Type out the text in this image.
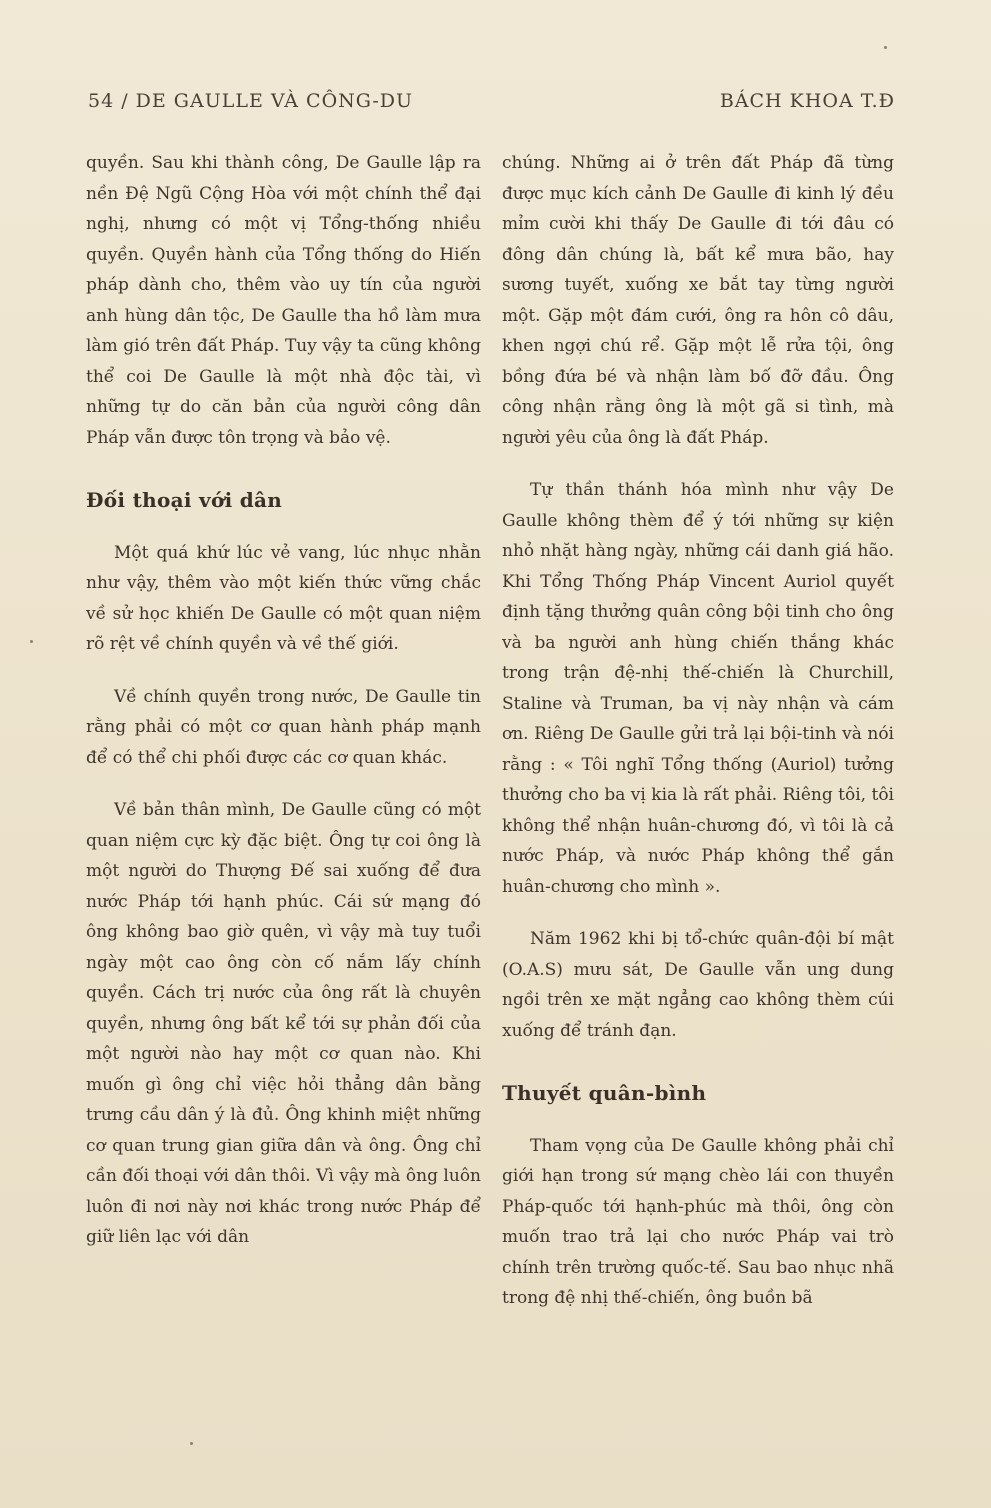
54 / DE GAULLE VÀ CÔNG-DU	BÁCH KHOA T.Đ

quyền. Sau khi thành công, De Gaulle lập ra nền Đệ Ngũ Cộng Hòa với một chính thể đại nghị, nhưng có một vị Tổng-thống nhiều quyền. Quyền hành của Tổng thống do Hiến pháp dành cho, thêm vào uy tín của người anh hùng dân tộc, De Gaulle tha hồ làm mưa làm gió trên đất Pháp. Tuy vậy ta cũng không thể coi De Gaulle là một nhà độc tài, vì những tự do căn bản của người công dân Pháp vẫn được tôn trọng và bảo vệ.

Đối thoại với dân

Một quá khứ lúc vẻ vang, lúc nhục nhằn như vậy, thêm vào một kiến thức vững chắc về sử học khiến De Gaulle có một quan niệm rõ rệt về chính quyền và về thế giới.

Về chính quyền trong nước, De Gaulle tin rằng phải có một cơ quan hành pháp mạnh để có thể chi phối được các cơ quan khác.

Về bản thân mình, De Gaulle cũng có một quan niệm cực kỳ đặc biệt. Ông tự coi ông là một người do Thượng Đế sai xuống để đưa nước Pháp tới hạnh phúc. Cái sứ mạng đó ông không bao giờ quên, vì vậy mà tuy tuổi ngày một cao ông còn cố nắm lấy chính quyền. Cách trị nước của ông rất là chuyên quyền, nhưng ông bất kể tới sự phản đối của một người nào hay một cơ quan nào. Khi muốn gì ông chỉ việc hỏi thẳng dân bằng trưng cầu dân ý là đủ. Ông khinh miệt những cơ quan trung gian giữa dân và ông. Ông chỉ cần đối thoại với dân thôi. Vì vậy mà ông luôn luôn đi nơi này nơi khác trong nước Pháp để giữ liên lạc với dân

chúng. Những ai ở trên đất Pháp đã từng được mục kích cảnh De Gaulle đi kinh lý đều mỉm cười khi thấy De Gaulle đi tới đâu có đông dân chúng là, bất kể mưa bão, hay sương tuyết, xuống xe bắt tay từng người một. Gặp một đám cưới, ông ra hôn cô dâu, khen ngợi chú rể. Gặp một lễ rửa tội, ông bồng đứa bé và nhận làm bố đỡ đầu. Ông công nhận rằng ông là một gã si tình, mà người yêu của ông là đất Pháp.

Tự thần thánh hóa mình như vậy De Gaulle không thèm để ý tới những sự kiện nhỏ nhặt hàng ngày, những cái danh giá hão. Khi Tổng Thống Pháp Vincent Auriol quyết định tặng thưởng quân công bội tinh cho ông và ba người anh hùng chiến thắng khác trong trận đệ-nhị thế-chiến là Churchill, Staline và Truman, ba vị này nhận và cám ơn. Riêng De Gaulle gửi trả lại bội-tinh và nói rằng : « Tôi nghĩ Tổng thống (Auriol) tưởng thưởng cho ba vị kia là rất phải. Riêng tôi, tôi không thể nhận huân-chương đó, vì tôi là cả nước Pháp, và nước Pháp không thể gắn huân-chương cho mình ».

Năm 1962 khi bị tổ-chức quân-đội bí mật (O.A.S) mưu sát, De Gaulle vẫn ung dung ngồi trên xe mặt ngẳng cao không thèm cúi xuống để tránh đạn.

Thuyết quân-bình

Tham vọng của De Gaulle không phải chỉ giới hạn trong sứ mạng chèo lái con thuyền Pháp-quốc tới hạnh-phúc mà thôi, ông còn muốn trao trả lại cho nước Pháp vai trò chính trên trường quốc-tế. Sau bao nhục nhã trong đệ nhị thế-chiến, ông buồn bã
